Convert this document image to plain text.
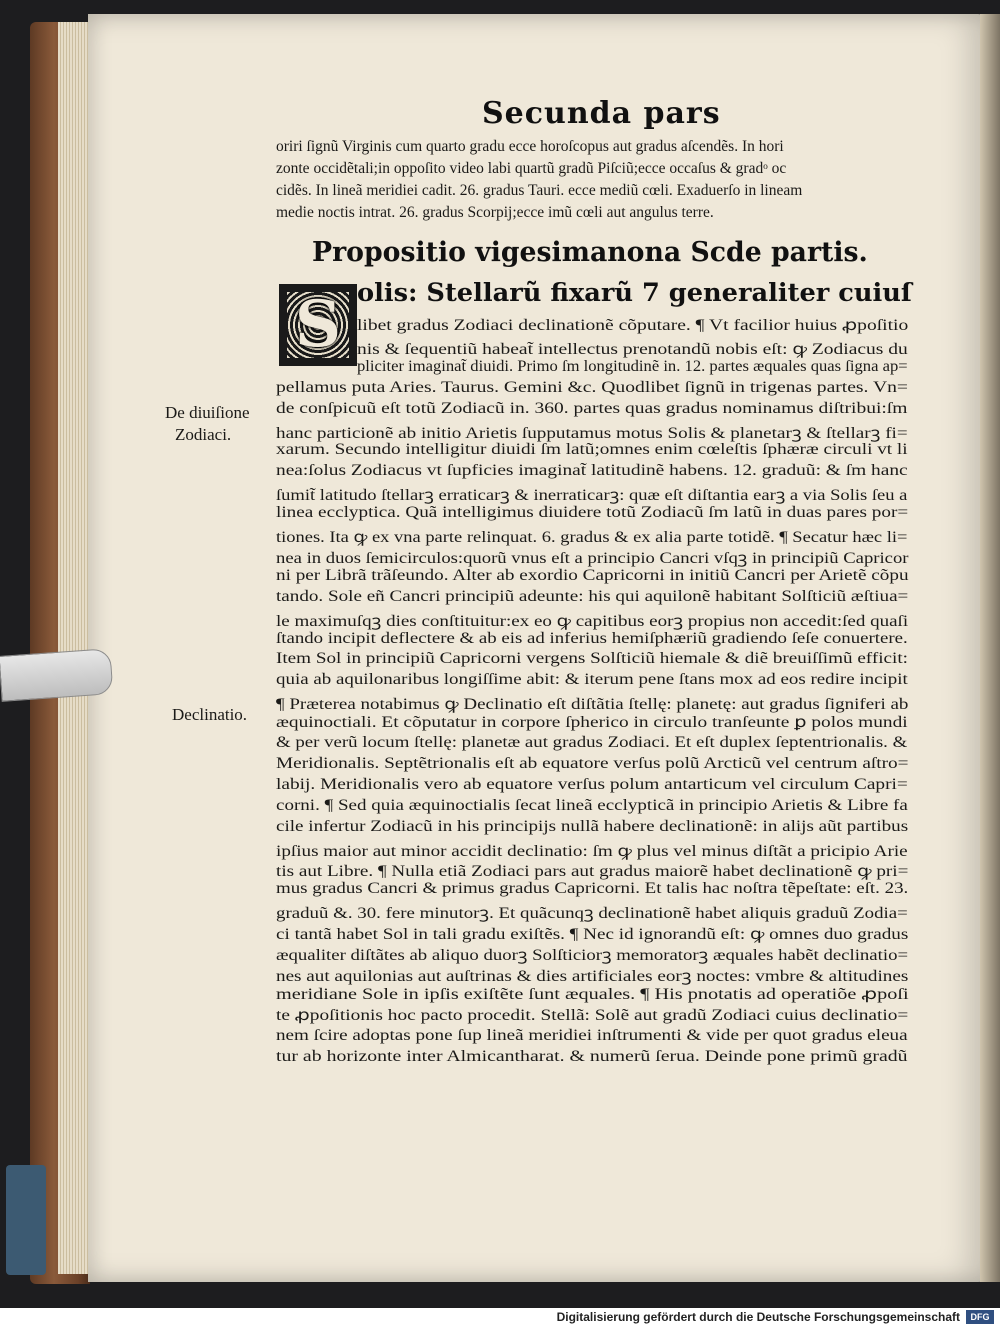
Secunda pars
oriri ſignũ Virginis cum quarto gradu ecce horoſcopus aut gradus aſcendẽs. In hori
zonte occidẽtali;in oppoſito video labi quartũ gradũ Piſciũ;ecce occaſus & gradᵒ oc
cidẽs. In lineã meridiei cadit. 26. gradus Tauri. ecce mediũ cœli. Exaduerſo in lineam
medie noctis intrat. 26. gradus Scorpij;ecce imũ cœli aut angulus terre.
Propositio vigesimanona Scde partis.
S olis: Stellarũ fixarũ 7 generaliter cuiuſ
libet gradus Zodiaci declinationẽ cõputare. ¶ Vt facilior huius ꝓpoſitio
nis & ſequentiũ habeat̃ intellectus prenotandũ nobis eſt: ꝙ Zodiacus du
pliciter imaginat̃ diuidi. Primo ſm longitudinẽ in. 12. partes æquales quas ſigna ap=
pellamus puta Aries. Taurus. Gemini &c. Quodlibet ſignũ in trigenas partes. Vn=
de conſpicuũ eſt totũ Zodiacũ in. 360. partes quas gradus nominamus diſtribui:ſm
hanc particionẽ ab initio Arietis ſupputamus motus Solis & planetarꝫ & ſtellarꝫ fi=
xarum. Secundo intelligitur diuidi ſm latũ;omnes enim cœleſtis ſphæræ circuli vt li
nea:ſolus Zodiacus vt ſupficies imaginat̃ latitudinẽ habens. 12. graduũ: & ſm hanc
ſumit̃ latitudo ſtellarꝫ erraticarꝫ & inerraticarꝫ: quæ eſt diſtantia earꝫ a via Solis ſeu a
linea ecclyptica. Quã intelligimus diuidere totũ Zodiacũ ſm latũ in duas pares por=
tiones. Ita ꝙ ex vna parte relinquat. 6. gradus & ex alia parte totidẽ. ¶ Secatur hæc li=
nea in duos ſemicirculos:quorũ vnus eſt a principio Cancri vſqꝫ in principiũ Capricor
ni per Librã trãſeundo. Alter ab exordio Capricorni in initiũ Cancri per Arietẽ cõpu
tando. Sole eñ Cancri principiũ adeunte: his qui aquilonẽ habitant Solſticiũ æſtiua=
le maximuſqꝫ dies conſtituitur:ex eo ꝙ capitibus eorꝫ propius non accedit:ſed quaſi
ſtando incipit deflectere & ab eis ad inferius hemiſphæriũ gradiendo ſeſe conuertere.
Item Sol in principiũ Capricorni vergens Solſticiũ hiemale & diẽ breuiſſimũ efficit:
quia ab aquilonaribus longiſſime abit: & iterum pene ſtans mox ad eos redire incipit
¶ Præterea notabimus ꝙ Declinatio eſt diſtãtia ſtellę: planetę: aut gradus ſigniferi ab
æquinoctiali. Et cõputatur in corpore ſpherico in circulo tranſeunte ꝑ polos mundi
& per verũ locum ſtellę: planetæ aut gradus Zodiaci. Et eſt duplex ſeptentrionalis. &
Meridionalis. Septẽtrionalis eſt ab equatore verſus polũ Arcticũ vel centrum aſtro=
labij. Meridionalis vero ab equatore verſus polum antarticum vel circulum Capri=
corni. ¶ Sed quia æquinoctialis ſecat lineã ecclypticã in principio Arietis & Libre fa
cile infertur Zodiacũ in his principijs nullã habere declinationẽ: in alijs aũt partibus
ipſius maior aut minor accidit declinatio: ſm ꝙ plus vel minus diſtãt a pricipio Arie
tis aut Libre. ¶ Nulla etiã Zodiaci pars aut gradus maiorẽ habet declinationẽ ꝙ pri=
mus gradus Cancri & primus gradus Capricorni. Et talis hac noſtra tẽpeſtate: eſt. 23.
graduũ &. 30. fere minutorꝫ. Et quãcunqꝫ declinationẽ habet aliquis graduũ Zodia=
ci tantã habet Sol in tali gradu exiſtẽs. ¶ Nec id ignorandũ eſt: ꝙ omnes duo gradus
æqualiter diſtãtes ab aliquo duorꝫ Solſticiorꝫ memoratorꝫ æquales habẽt declinatio=
nes aut aquilonias aut auſtrinas & dies artificiales eorꝫ noctes: vmbre & altitudines
meridiane Sole in ipſis exiſtẽte ſunt æquales. ¶ His pnotatis ad operatiõe ꝓpoſi
te ꝓpoſitionis hoc pacto procedit. Stellã: Solẽ aut gradũ Zodiaci cuius declinatio=
nem ſcire adoptas pone ſup lineã meridiei inſtrumenti & vide per quot gradus eleua
tur ab horizonte inter Almicantharat. & numerũ ſerua. Deinde pone primũ gradũ
De diuiſione
Zodiaci.
Declinatio.
Digitalisierung gefördert durch die Deutsche Forschungsgemeinschaft	DFG
